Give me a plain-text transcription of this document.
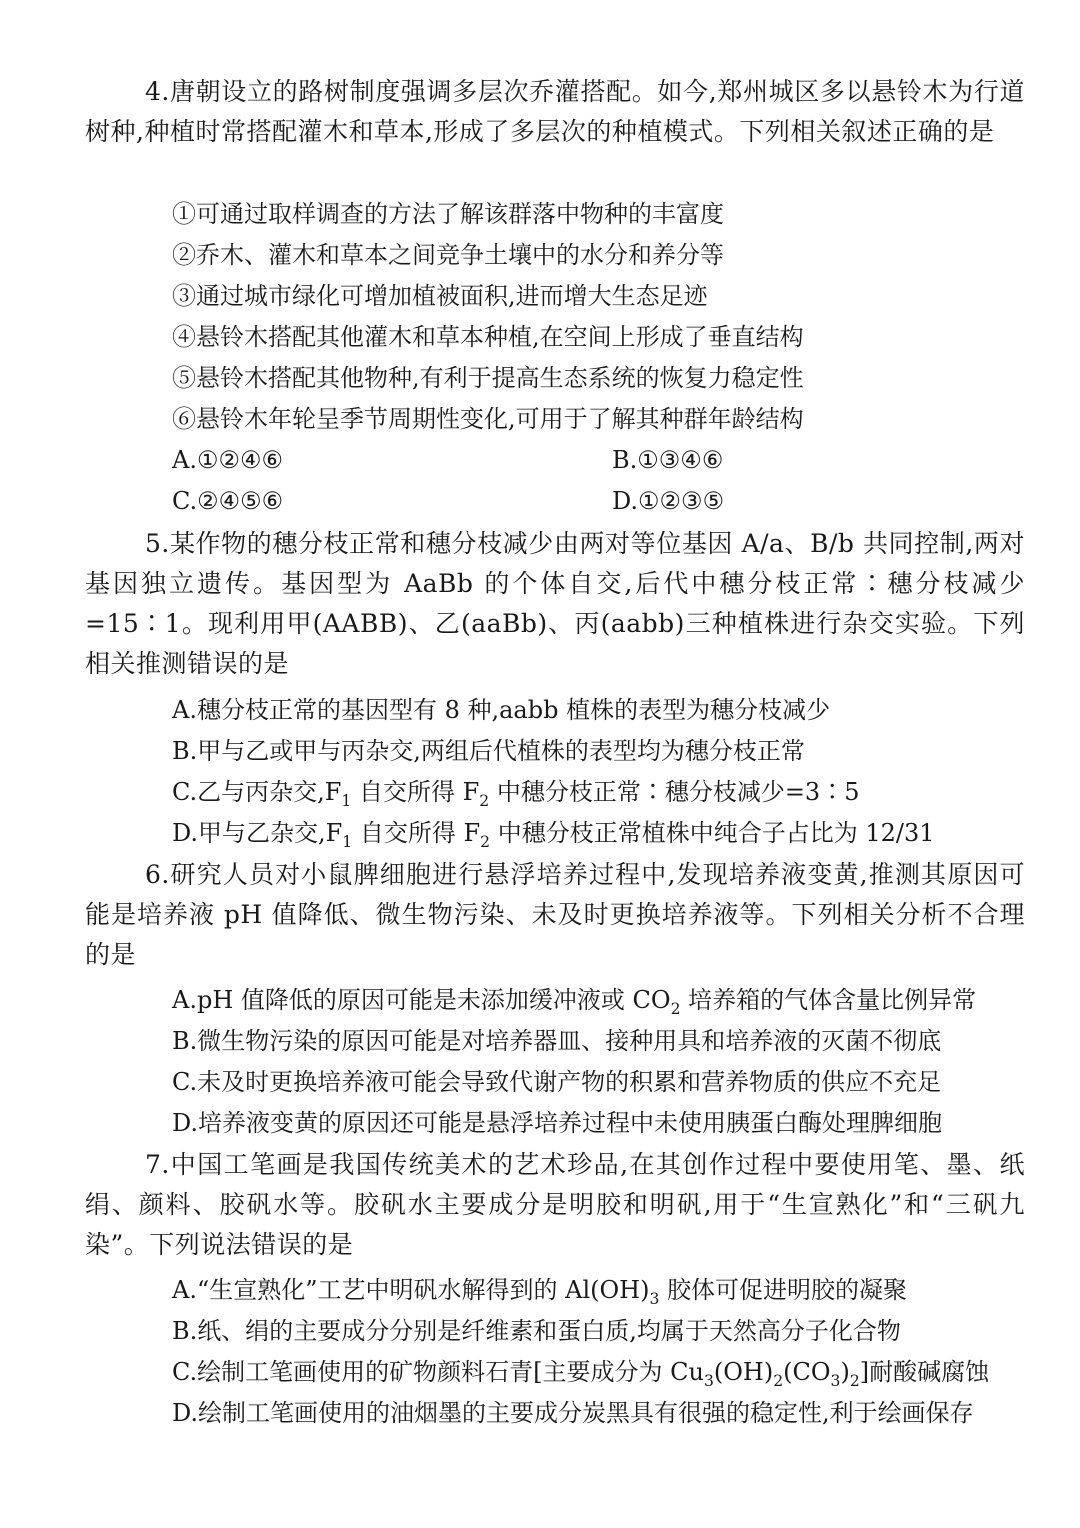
4.唐朝设立的路树制度强调多层次乔灌搭配。如今,郑州城区多以悬铃木为行道树种,种植时常搭配灌木和草本,形成了多层次的种植模式。下列相关叙述正确的是

①可通过取样调查的方法了解该群落中物种的丰富度

②乔木、灌木和草本之间竞争土壤中的水分和养分等

③通过城市绿化可增加植被面积,进而增大生态足迹

④悬铃木搭配其他灌木和草本种植,在空间上形成了垂直结构

⑤悬铃木搭配其他物种,有利于提高生态系统的恢复力稳定性

⑥悬铃木年轮呈季节周期性变化,可用于了解其种群年龄结构

A.①②④⑥	B.①③④⑥

C.②④⑤⑥	D.①②③⑤

5.某作物的穗分枝正常和穗分枝减少由两对等位基因 A/a、B/b 共同控制,两对基因独立遗传。基因型为 AaBb 的个体自交,后代中穗分枝正常∶穗分枝减少=15∶1。现利用甲(AABB)、乙(aaBb)、丙(aabb)三种植株进行杂交实验。下列相关推测错误的是

A.穗分枝正常的基因型有 8 种,aabb 植株的表型为穗分枝减少

B.甲与乙或甲与丙杂交,两组后代植株的表型均为穗分枝正常

C.乙与丙杂交$,F_1$ 自交所得 $F_2$ 中穗分枝正常∶穗分枝减少=3∶5

D.甲与乙杂交$,F_1$ 自交所得 $F_2$ 中穗分枝正常植株中纯合子占比为 12/31

6.研究人员对小鼠脾细胞进行悬浮培养过程中,发现培养液变黄,推测其原因可能是培养液 pH 值降低、微生物污染、未及时更换培养液等。下列相关分析不合理的是

A.pH 值降低的原因可能是未添加缓冲液或 $CO_2$ 培养箱的气体含量比例异常

B.微生物污染的原因可能是对培养器皿、接种用具和培养液的灭菌不彻底

C.未及时更换培养液可能会导致代谢产物的积累和营养物质的供应不充足

D.培养液变黄的原因还可能是悬浮培养过程中未使用胰蛋白酶处理脾细胞

7.中国工笔画是我国传统美术的艺术珍品,在其创作过程中要使用笔、墨、纸绢、颜料、胶矾水等。胶矾水主要成分是明胶和明矾,用于“生宣熟化”和“三矾九染”。下列说法错误的是

A.“生宣熟化”工艺中明矾水解得到的 $Al(OH)_3$ 胶体可促进明胶的凝聚

B.纸、绢的主要成分分别是纤维素和蛋白质,均属于天然高分子化合物

C.绘制工笔画使用的矿物颜料石青[主要成分为 $Cu_3(OH)_2(CO_3)_2$]耐酸碱腐蚀

D.绘制工笔画使用的油烟墨的主要成分炭黑具有很强的稳定性,利于绘画保存
